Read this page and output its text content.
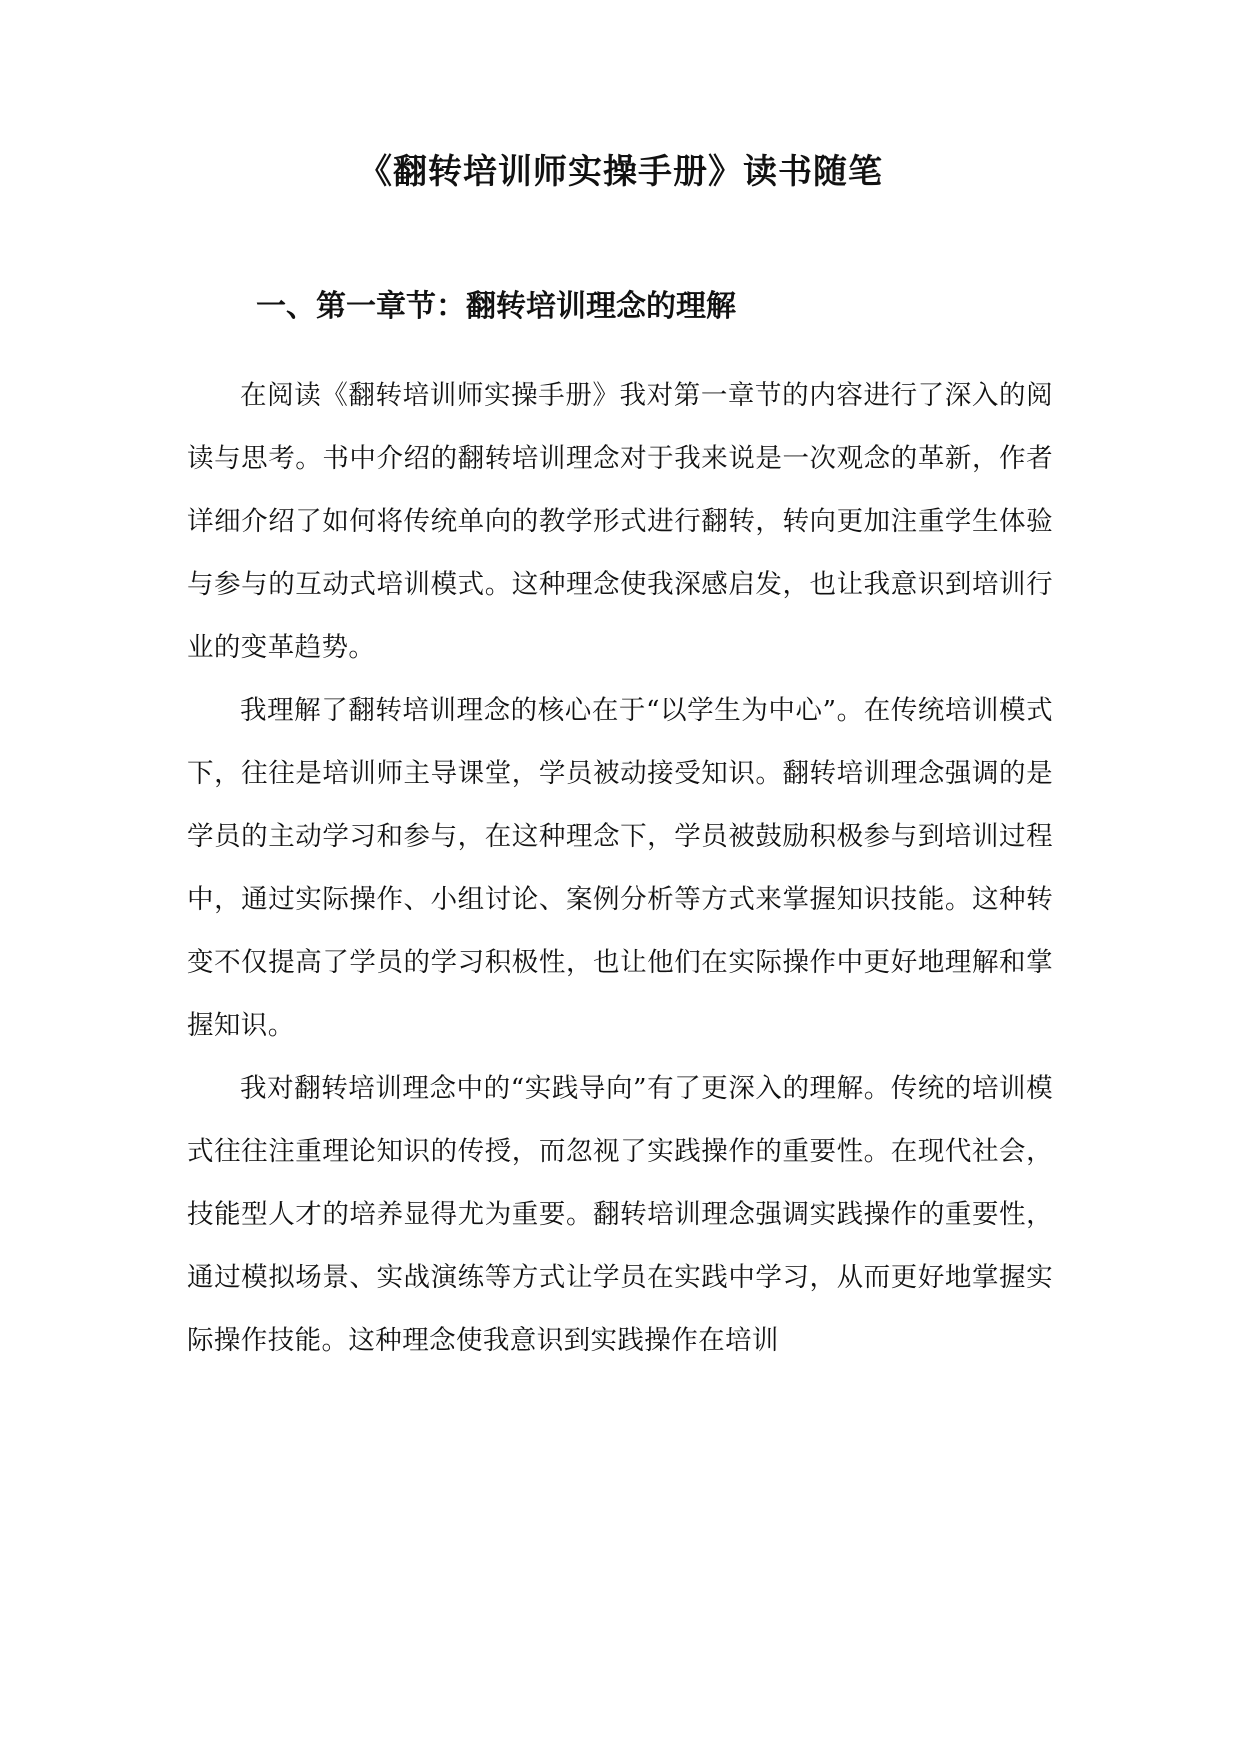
《翻转培训师实操手册》读书随笔
一、第一章节：翻转培训理念的理解

在阅读《翻转培训师实操手册》我对第一章节的内容进行了深入的阅读与思考。书中介绍的翻转培训理念对于我来说是一次观念的革新，作者详细介绍了如何将传统单向的教学形式进行翻转，转向更加注重学生体验与参与的互动式培训模式。这种理念使我深感启发，也让我意识到培训行业的变革趋势。

我理解了翻转培训理念的核心在于“以学生为中心”。在传统培训模式下，往往是培训师主导课堂，学员被动接受知识。翻转培训理念强调的是学员的主动学习和参与，在这种理念下，学员被鼓励积极参与到培训过程中，通过实际操作、小组讨论、案例分析等方式来掌握知识技能。这种转变不仅提高了学员的学习积极性，也让他们在实际操作中更好地理解和掌握知识。

我对翻转培训理念中的“实践导向”有了更深入的理解。传统的培训模式往往注重理论知识的传授，而忽视了实践操作的重要性。在现代社会，技能型人才的培养显得尤为重要。翻转培训理念强调实践操作的重要性，通过模拟场景、实战演练等方式让学员在实践中学习，从而更好地掌握实际操作技能。这种理念使我意识到实践操作在培训
